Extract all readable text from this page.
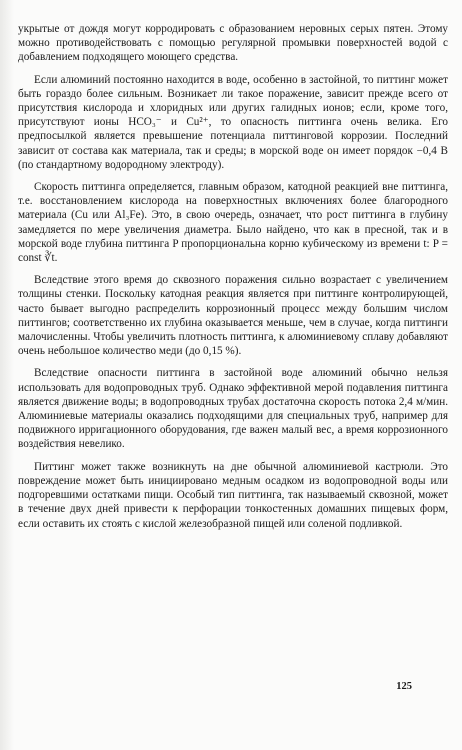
укрытые от дождя могут корродировать с образованием неровных серых пятен. Этому можно противодействовать с помощью регулярной промывки поверхностей водой с добавлением подходящего моющего средства.

Если алюминий постоянно находится в воде, особенно в застойной, то питтинг может быть гораздо более сильным. Возникает ли такое поражение, зависит прежде всего от присутствия кислорода и хлоридных или других галидных ионов; если, кроме того, присутствуют ионы HCO₃⁻ и Cu²⁺, то опасность питтинга очень велика. Его предпосылкой является превышение потенциала питтинговой коррозии. Последний зависит от состава как материала, так и среды; в морской воде он имеет порядок −0,4 В (по стандартному водородному электроду).

Скорость питтинга определяется, главным образом, катодной реакцией вне питтинга, т.е. восстановлением кислорода на поверхностных включениях более благородного материала (Cu или Al₃Fe). Это, в свою очередь, означает, что рост питтинга в глубину замедляется по мере увеличения диаметра. Было найдено, что как в пресной, так и в морской воде глубина питтинга P пропорциональна корню кубическому из времени t: P = const ∛t.

Вследствие этого время до сквозного поражения сильно возрастает с увеличением толщины стенки. Поскольку катодная реакция является при питтинге контролирующей, часто бывает выгодно распределить коррозионный процесс между большим числом питтингов; соответственно их глубина оказывается меньше, чем в случае, когда питтинги малочисленны. Чтобы увеличить плотность питтинга, к алюминиевому сплаву добавляют очень небольшое количество меди (до 0,15 %).

Вследствие опасности питтинга в застойной воде алюминий обычно нельзя использовать для водопроводных труб. Однако эффективной мерой подавления питтинга является движение воды; в водопроводных трубах достаточна скорость потока 2,4 м/мин. Алюминиевые материалы оказались подходящими для специальных труб, например для подвижного ирригационного оборудования, где важен малый вес, а время коррозионного воздействия невелико.

Питтинг может также возникнуть на дне обычной алюминиевой кастрюли. Это повреждение может быть инициировано медным осадком из водопроводной воды или подгоревшими остатками пищи. Особый тип питтинга, так называемый сквозной, может в течение двух дней привести к перфорации тонкостенных домашних пищевых форм, если оставить их стоять с кислой железобразной пищей или соленой подливкой.

125
